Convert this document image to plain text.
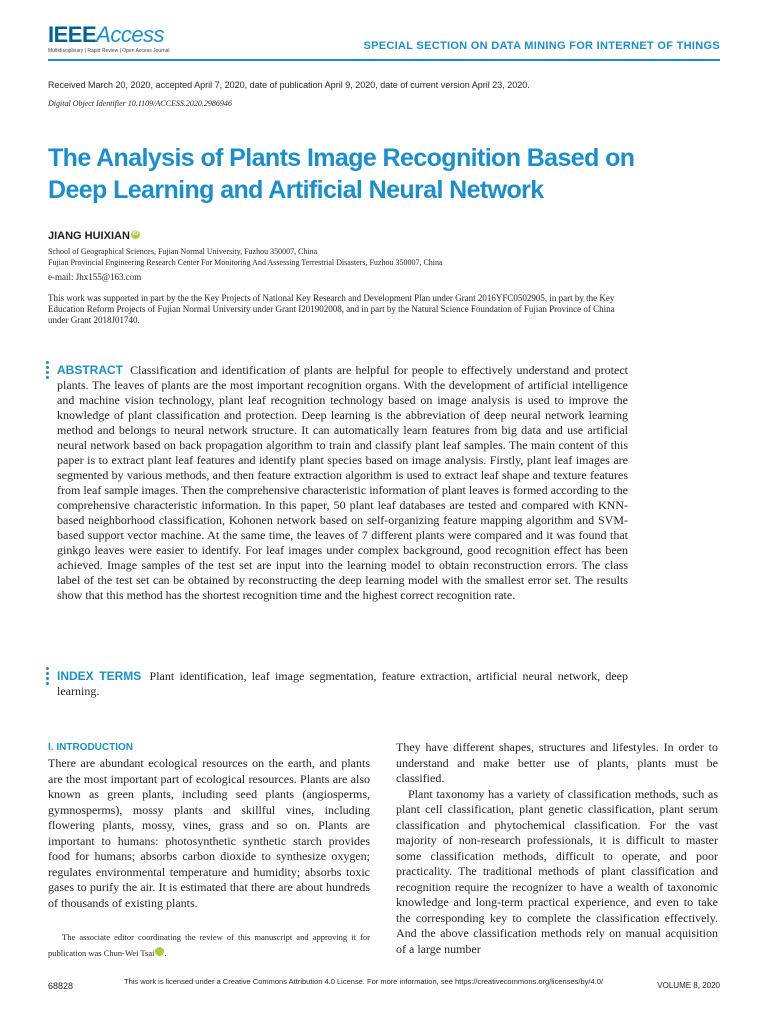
IEEEAccess
Multidisciplinary | Rapid Review | Open Access Journal	SPECIAL SECTION ON DATA MINING FOR INTERNET OF THINGS
Received March 20, 2020, accepted April 7, 2020, date of publication April 9, 2020, date of current version April 23, 2020.
Digital Object Identifier 10.1109/ACCESS.2020.2986946
The Analysis of Plants Image Recognition Based on Deep Learning and Artificial Neural Network
JIANG HUIXIAN iD
School of Geographical Sciences, Fujian Normal University, Fuzhou 350007, China
Fujian Provincial Engineering Research Center For Monitoring And Assessing Terrestrial Disasters, Fuzhou 350007, China
e-mail: Jhx155@163.com
This work was supported in part by the the Key Projects of National Key Research and Development Plan under Grant 2016YFC0502905, in part by the Key Education Reform Projects of Fujian Normal University under Grant I201902008, and in part by the Natural Science Foundation of Fujian Province of China under Grant 2018J01740.
ABSTRACT Classification and identification of plants are helpful for people to effectively understand and protect plants. The leaves of plants are the most important recognition organs. With the development of artificial intelligence and machine vision technology, plant leaf recognition technology based on image analysis is used to improve the knowledge of plant classification and protection. Deep learning is the abbreviation of deep neural network learning method and belongs to neural network structure. It can automatically learn features from big data and use artificial neural network based on back propagation algorithm to train and classify plant leaf samples. The main content of this paper is to extract plant leaf features and identify plant species based on image analysis. Firstly, plant leaf images are segmented by various methods, and then feature extraction algorithm is used to extract leaf shape and texture features from leaf sample images. Then the comprehensive characteristic information of plant leaves is formed according to the comprehensive characteristic information. In this paper, 50 plant leaf databases are tested and compared with KNN-based neighborhood classification, Kohonen network based on self-organizing feature mapping algorithm and SVM-based support vector machine. At the same time, the leaves of 7 different plants were compared and it was found that ginkgo leaves were easier to identify. For leaf images under complex background, good recognition effect has been achieved. Image samples of the test set are input into the learning model to obtain reconstruction errors. The class label of the test set can be obtained by reconstructing the deep learning model with the smallest error set. The results show that this method has the shortest recognition time and the highest correct recognition rate.
INDEX TERMS Plant identification, leaf image segmentation, feature extraction, artificial neural network, deep learning.
I. INTRODUCTION

There are abundant ecological resources on the earth, and plants are the most important part of ecological resources. Plants are also known as green plants, including seed plants (angiosperms, gymnosperms), mossy plants and skillful vines, including flowering plants, mossy, vines, grass and so on. Plants are important to humans: photosynthetic synthetic starch provides food for humans; absorbs carbon dioxide to synthesize oxygen; regulates environmental temperature and humidity; absorbs toxic gases to purify the air. It is estimated that there are about hundreds of thousands of existing plants.

The associate editor coordinating the review of this manuscript and approving it for publication was Chun-Wei Tsai	iD.

They have different shapes, structures and lifestyles. In order to understand and make better use of plants, plants must be classified.

Plant taxonomy has a variety of classification methods, such as plant cell classification, plant genetic classification, plant serum classification and phytochemical classification. For the vast majority of non-research professionals, it is difficult to master some classification methods, difficult to operate, and poor practicality. The traditional methods of plant classification and recognition require the recognizer to have a wealth of taxonomic knowledge and long-term practical experience, and even to take the corresponding key to complete the classification effectively. And the above classification methods rely on manual acquisition of a large number

68828	This work is licensed under a Creative Commons Attribution 4.0 License. For more information, see https://creativecommons.org/licenses/by/4.0/	VOLUME 8, 2020
